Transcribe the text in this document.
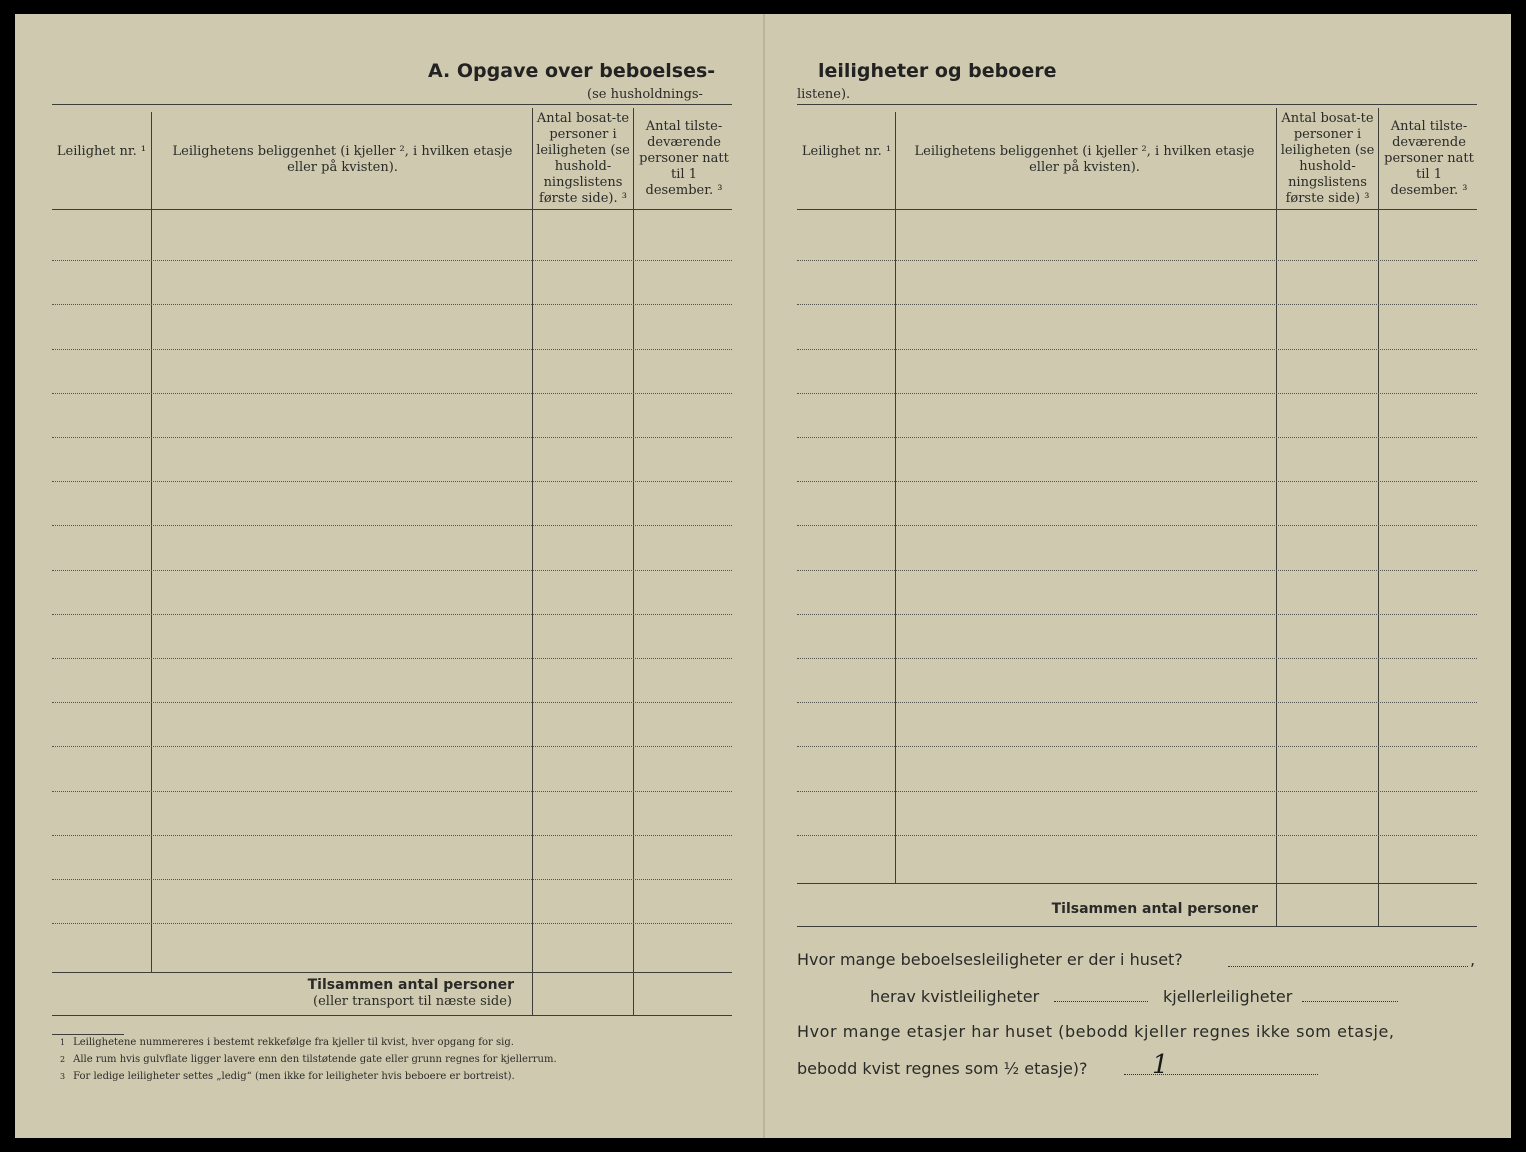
A. Opgave over beboelses-
(se husholdnings-
Leilighet nr. ¹ Leilighetens beliggenhet (i kjeller ², i hvilken etasje eller på kvisten).
Antal bosat-te personer i leiligheten (se hushold-ningslistens første side). ³
Antal tilste-deværende personer natt til 1 desember. ³
Tilsammen antal personer
(eller transport til næste side)
1 Leilighetene nummereres i bestemt rekkefølge fra kjeller til kvist, hver opgang for sig.
2 Alle rum hvis gulvflate ligger lavere enn den tilstøtende gate eller grunn regnes for kjellerrum.
3 For ledige leiligheter settes „ledig“ (men ikke for leiligheter hvis beboere er bortreist).
leiligheter og beboere
listene).
Leilighet nr. ¹ Leilighetens beliggenhet (i kjeller ², i hvilken etasje eller på kvisten).
Antal bosat-te personer i leiligheten (se hushold-ningslistens første side) ³
Antal tilste-deværende personer natt til 1 desember. ³
Tilsammen antal personer
Hvor mange beboelsesleiligheter er der i huset?	,
herav kvistleiligheter	kjellerleiligheter
Hvor mange etasjer har huset (bebodd kjeller regnes ikke som etasje,
bebodd kvist regnes som ½ etasje)? 1
